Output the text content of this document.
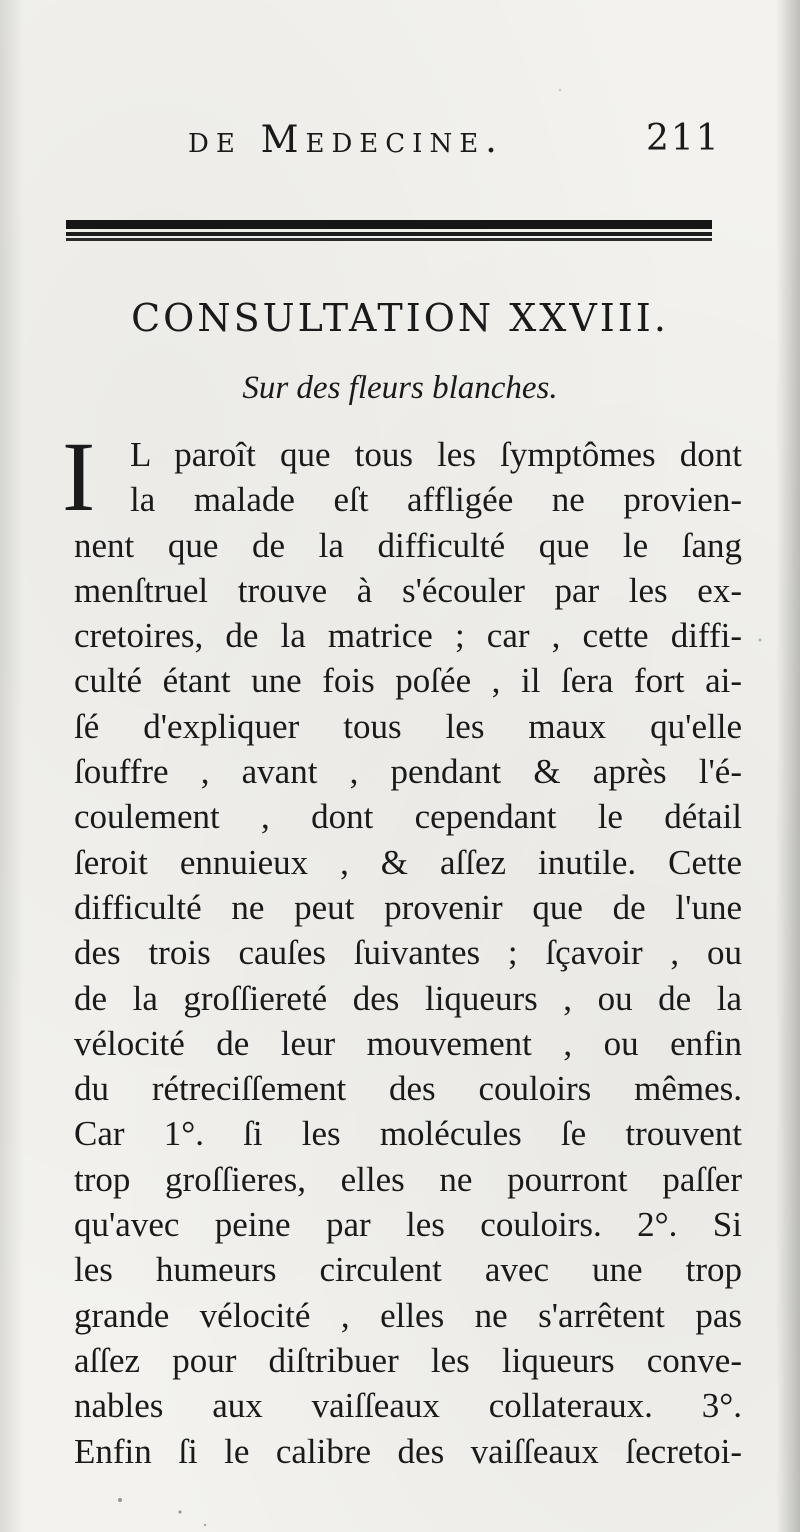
de Medecine.	211
CONSULTATION XXVIII.
Sur des fleurs blanches.
I L paroît que tous les ſymptômes dont
la malade eſt affligée ne provien-
nent que de la difficulté que le ſang
menſtruel trouve à s'écouler par les ex-
cretoires, de la matrice ; car , cette diffi-
culté étant une fois poſée , il ſera fort ai-
ſé d'expliquer tous les maux qu'elle
ſouffre , avant , pendant & après l'é-
coulement , dont cependant le détail
ſeroit ennuieux , & aſſez inutile. Cette
difficulté ne peut provenir que de l'une
des trois cauſes ſuivantes ; ſçavoir , ou
de la groſſiereté des liqueurs , ou de la
vélocité de leur mouvement , ou enfin
du rétreciſſement des couloirs mêmes.
Car 1°. ſi les molécules ſe trouvent
trop groſſieres, elles ne pourront paſſer
qu'avec peine par les couloirs. 2°. Si
les humeurs circulent avec une trop
grande vélocité , elles ne s'arrêtent pas
aſſez pour diſtribuer les liqueurs conve-
nables aux vaiſſeaux collateraux. 3°.
Enfin ſi le calibre des vaiſſeaux ſecretoi-
